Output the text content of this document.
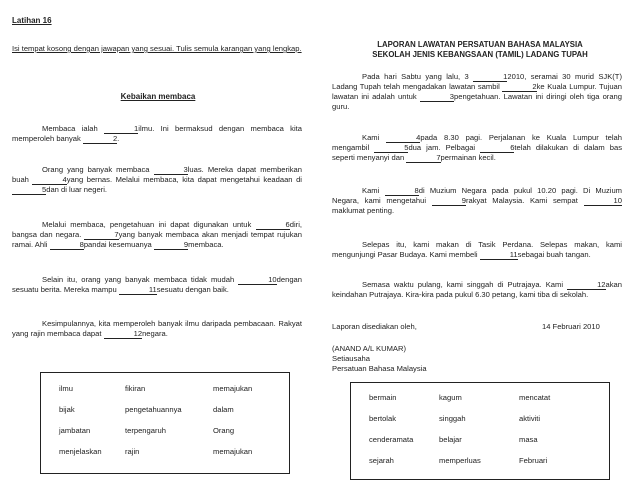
Latihan 16
Isi tempat kosong dengan jawapan yang sesuai. Tulis semula karangan yang lengkap.
Kebaikan membaca
Membaca ialah	1ilmu. Ini bermaksud dengan membaca kita memperoleh banyak	2.
Orang yang banyak membaca	3luas. Mereka dapat memberikan buah	4yang bernas. Melalui membaca, kita dapat mengetahui keadaan di 5dan di luar negeri.
Melalui membaca, pengetahuan ini dapat digunakan untuk	6diri, bangsa dan negara.	7yang banyak membaca akan menjadi tempat rujukan ramai. Ahli	8pandai kesemuanya	9membaca.
Selain itu, orang yang banyak membaca tidak mudah	10dengan sesuatu berita. Mereka mampu	11sesuatu dengan baik.
Kesimpulannya, kita memperoleh banyak ilmu daripada pembacaan. Rakyat yang rajin membaca dapat	12negara.
ilmu	fikiran	memajukan
bijak	pengetahuannya	dalam
jambatan	terpengaruh	Orang
menjelaskan	rajin	memajukan
LAPORAN LAWATAN PERSATUAN BAHASA MALAYSIA
SEKOLAH JENIS KEBANGSAAN (TAMIL) LADANG TUPAH
Pada hari Sabtu yang lalu, 3	12010, seramai 30 murid SJK(T) Ladang Tupah telah mengadakan lawatan sambil	2ke Kuala Lumpur. Tujuan lawatan ini adalah untuk	3pengetahuan. Lawatan ini diringi oleh tiga orang guru.
Kami	4pada 8.30 pagi. Perjalanan ke Kuala Lumpur telah mengambil	5dua jam. Pelbagai	6telah dilakukan di dalam bas seperti menyanyi dan	7permainan kecil.
Kami	8di Muzium Negara pada pukul 10.20 pagi. Di Muzium Negara, kami mengetahui	9rakyat Malaysia. Kami sempat	10maklumat penting.
Selepas itu, kami makan di Tasik Perdana. Selepas makan, kami mengunjungi Pasar Budaya. Kami membeli	11sebagai buah tangan.
Semasa waktu pulang, kami singgah di Putrajaya. Kami	12akan keindahan Putrajaya. Kira-kira pada pukul 6.30 petang, kami tiba di sekolah.
Laporan disediakan oleh,	14 Februari 2010
(ANAND A/L KUMAR)
Setiausaha
Persatuan Bahasa Malaysia
bermain	kagum	mencatat
bertolak	singgah	aktiviti
cenderamata	belajar	masa
sejarah	memperluas	Februari
